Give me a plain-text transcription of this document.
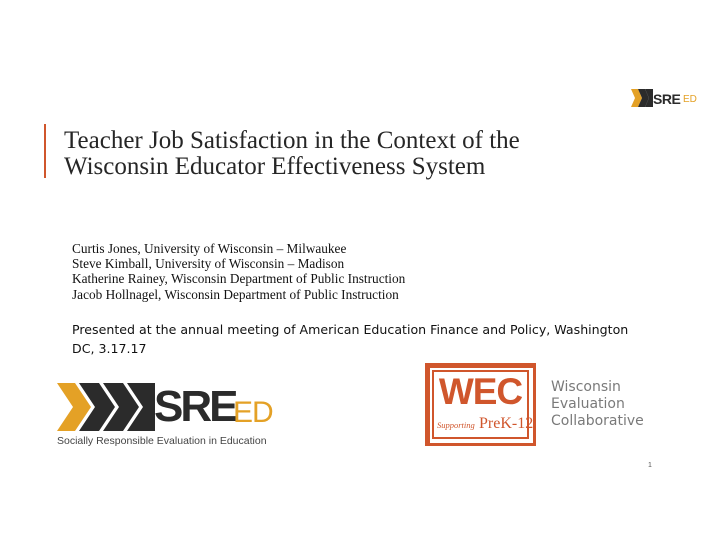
SRE ED
Teacher Job Satisfaction in the Context of the
Wisconsin Educator Effectiveness System
Curtis Jones, University of Wisconsin – Milwaukee
Steve Kimball, University of Wisconsin – Madison
Katherine Rainey, Wisconsin Department of Public Instruction
Jacob Hollnagel, Wisconsin Department of Public Instruction
Presented at the annual meeting of American Education Finance and Policy, Washington DC, 3.17.17
SRE
ED
Socially Responsible Evaluation in Education
WEC
Supporting PreK-12
Wisconsin
Evaluation
Collaborative
1
